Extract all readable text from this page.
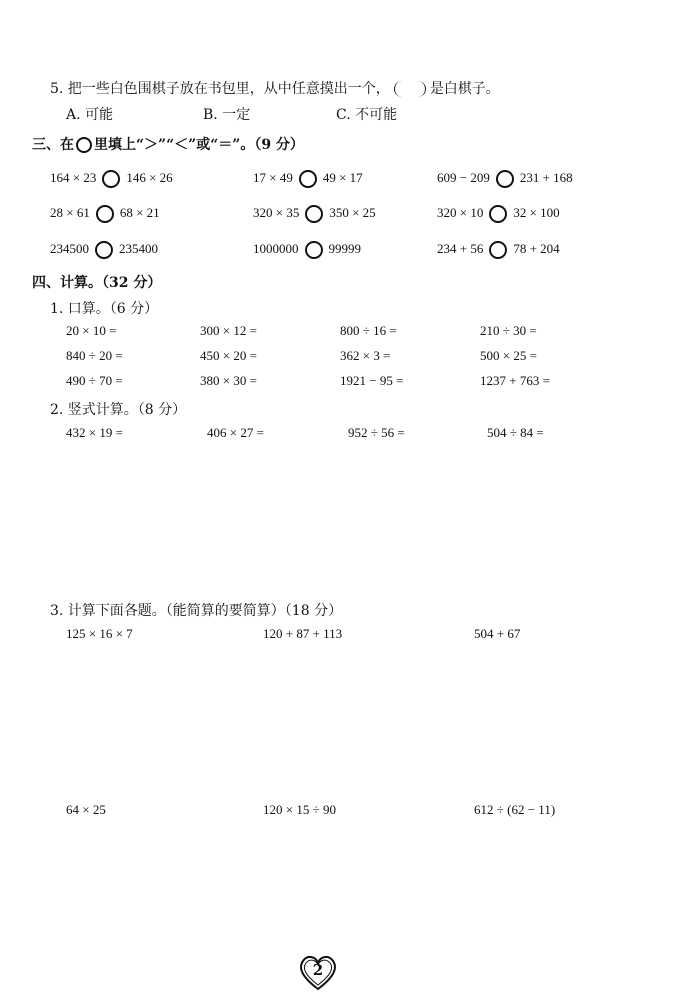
5. 把一些白色围棋子放在书包里，从中任意摸出一个，	是白棋子。
A. 可能	B. 一定	C. 不可能
三、在 里填上“＞”“＜”或“＝”。（9 分）
164 × 23 146 × 26	17 × 49 49 × 17	609 − 209 231 + 168
28 × 61 68 × 21	320 × 35 350 × 25	320 × 10 32 × 100
234500 235400	1000000 99999	234 + 56 78 + 204
四、计算。（32 分）
1. 口算。（6 分）
20 × 10 =	300 × 12 =	800 ÷ 16 =	210 ÷ 30 =
840 ÷ 20 =	450 × 20 =	362 × 3 =	500 × 25 =
490 ÷ 70 =	380 × 30 =	1921 − 95 =	1237 + 763 =
2. 竖式计算。（8 分）
432 × 19 =	406 × 27 =	952 ÷ 56 =	504 ÷ 84 =
3. 计算下面各题。（能简算的要简算）（18 分）
125 × 16 × 7	120 + 87 + 113	504 + 67
64 × 25	120 × 15 ÷ 90	612 ÷ (62 − 11)
2
